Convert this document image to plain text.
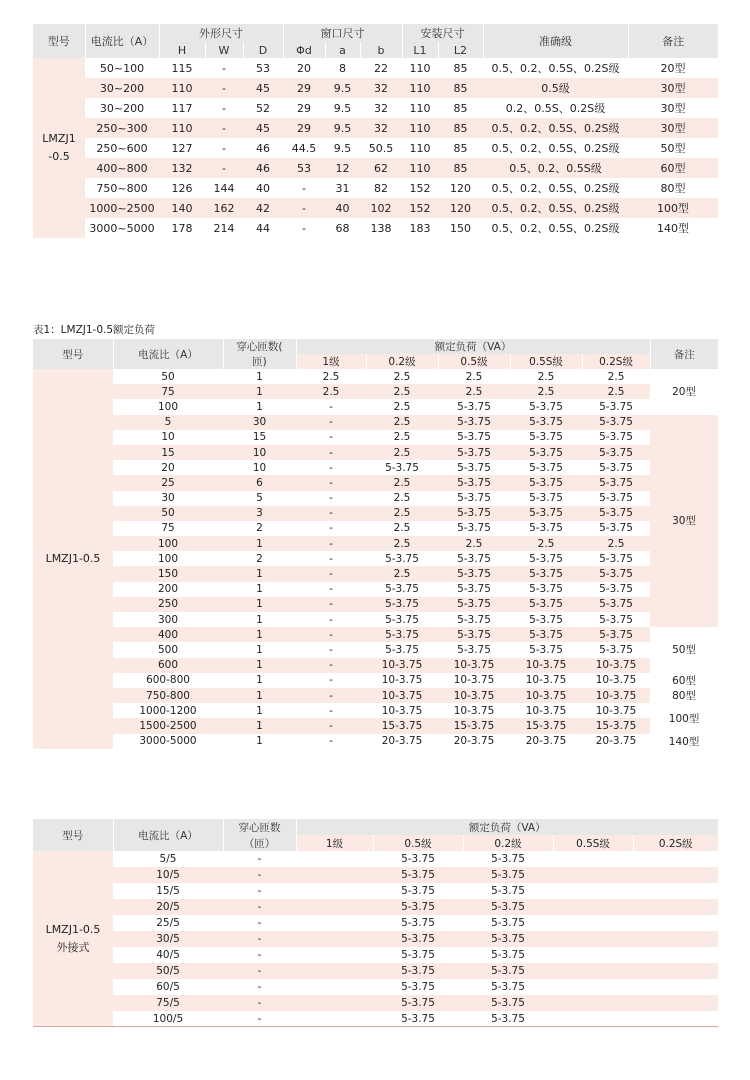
型号	电流比（A）	外形尺寸			窗口尺寸			安装尺寸		准确级	备注
		H	W	D	Φd	a	b	L1	L2		

LMZJ1
-0.5	50~100	115	-	53	20	8	22	110	85	0.5、0.2、0.5S、0.2S级	20型
	30~200	110	-	45	29	9.5	32	110	85	0.5级	30型
	30~200	117	-	52	29	9.5	32	110	85	0.2、0.5S、0.2S级	30型
	250~300	110	-	45	29	9.5	32	110	85	0.5、0.2、0.5S、0.2S级	30型
	250~600	127	-	46	44.5	9.5	50.5	110	85	0.5、0.2、0.5S、0.2S级	50型
	400~800	132	-	46	53	12	62	110	85	0.5、0.2、0.5S级	60型
	750~800	126	144	40	-	31	82	152	120	0.5、0.2、0.5S、0.2S级	80型
	1000~2500	140	162	42	-	40	102	152	120	0.5、0.2、0.5S、0.2S级	100型
	3000~5000	178	214	44	-	68	138	183	150	0.5、0.2、0.5S、0.2S级	140型
表1：LMZJ1-0.5额定负荷
型号	电流比（A）	穿心匝数(	额定负荷（VA）					备注
		匝)	1级	0.2级	0.5级	0.5S级	0.2S级	
LMZJ1-0.5	50	1	2.5	2.5	2.5	2.5	2.5	20型
	75	1	2.5	2.5	2.5	2.5	2.5	
	100	1	-	2.5	5-3.75	5-3.75	5-3.75	
	5	30	-	2.5	5-3.75	5-3.75	5-3.75	30型
	10	15	-	2.5	5-3.75	5-3.75	5-3.75	
	15	10	-	2.5	5-3.75	5-3.75	5-3.75	
	20	10	-	5-3.75	5-3.75	5-3.75	5-3.75	
	25	6	-	2.5	5-3.75	5-3.75	5-3.75	
	30	5	-	2.5	5-3.75	5-3.75	5-3.75	
	50	3	-	2.5	5-3.75	5-3.75	5-3.75	
	75	2	-	2.5	5-3.75	5-3.75	5-3.75	
	100	1	-	2.5	2.5	2.5	2.5	
	100	2	-	5-3.75	5-3.75	5-3.75	5-3.75	
	150	1	-	2.5	5-3.75	5-3.75	5-3.75	
	200	1	-	5-3.75	5-3.75	5-3.75	5-3.75	
	250	1	-	5-3.75	5-3.75	5-3.75	5-3.75	
	300	1	-	5-3.75	5-3.75	5-3.75	5-3.75	
	400	1	-	5-3.75	5-3.75	5-3.75	5-3.75	50型
	500	1	-	5-3.75	5-3.75	5-3.75	5-3.75	
	600	1	-	10-3.75	10-3.75	10-3.75	10-3.75	
	600-800	1	-	10-3.75	10-3.75	10-3.75	10-3.75	60型
	750-800	1	-	10-3.75	10-3.75	10-3.75	10-3.75	80型
	1000-1200	1	-	10-3.75	10-3.75	10-3.75	10-3.75	100型
	1500-2500	1	-	15-3.75	15-3.75	15-3.75	15-3.75	
	3000-5000	1	-	20-3.75	20-3.75	20-3.75	20-3.75	140型
型号	电流比（A）	穿心匝数	额定负荷（VA）				
		（匝）	1级	0.5级	0.2级	0.5S级	0.2S级

LMZJ1-0.5
外接式	5/5	-		5-3.75	5-3.75		
	10/5	-		5-3.75	5-3.75		
	15/5	-		5-3.75	5-3.75		
	20/5	-		5-3.75	5-3.75		
	25/5	-		5-3.75	5-3.75		
	30/5	-		5-3.75	5-3.75		
	40/5	-		5-3.75	5-3.75		
	50/5	-		5-3.75	5-3.75		
	60/5	-		5-3.75	5-3.75		
	75/5	-		5-3.75	5-3.75		
	100/5	-		5-3.75	5-3.75		
